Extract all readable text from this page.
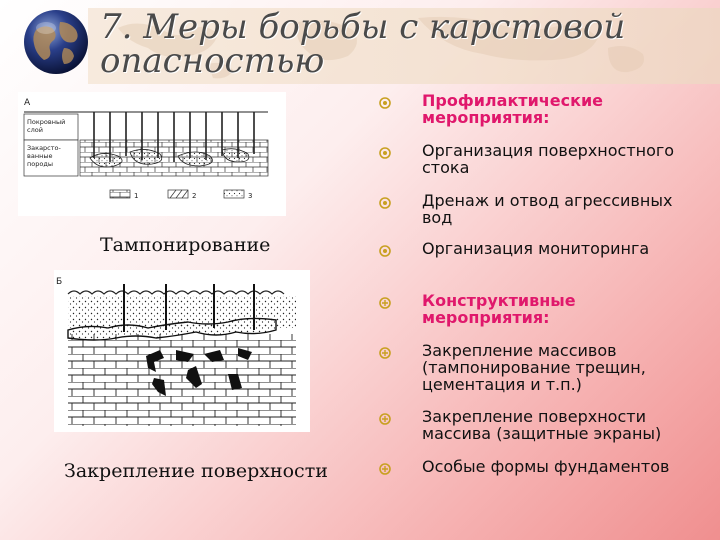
7. Меры борьбы с карстовой
опасностью
А
Покровный слой
Закарсто-ванные породы
1	2	3
Тампонирование
Б
Закрепление поверхности
Профилактические
мероприятия:
Организация поверхностного
стока
Дренаж и отвод агрессивных
вод
Организация мониторинга
Конструктивные
мероприятия:
Закрепление массивов
(тампонирование трещин,
цементация и т.п.)
Закрепление поверхности
массива (защитные экраны)
Особые формы фундаментов
